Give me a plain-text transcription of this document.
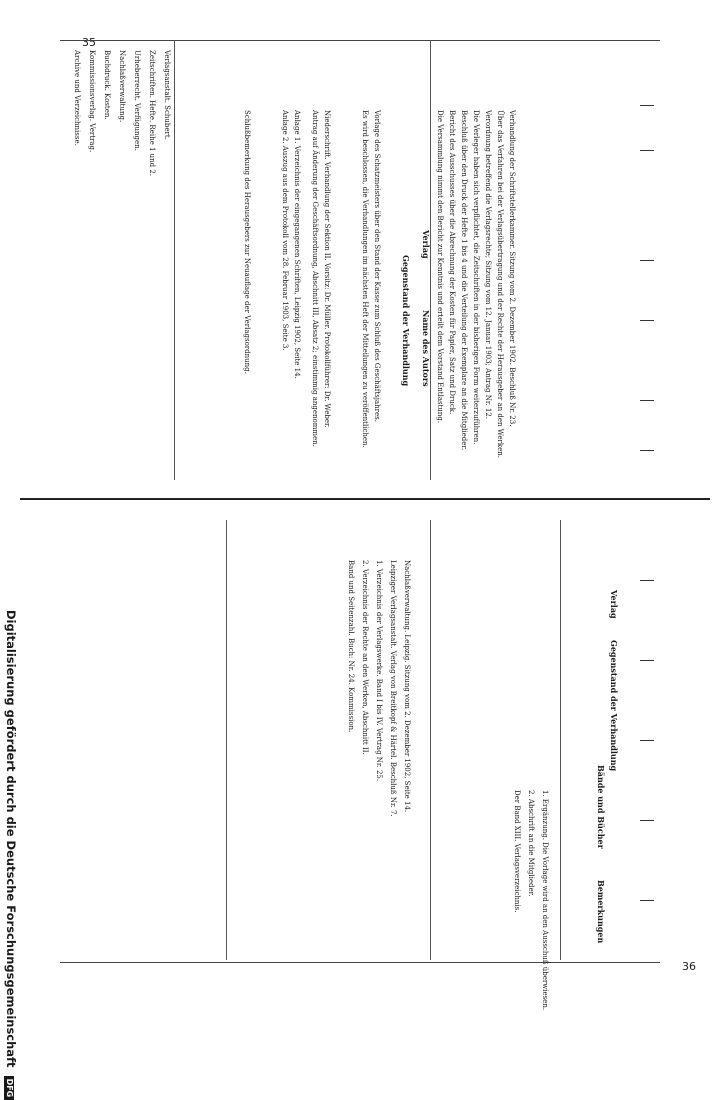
35
Verlag
Name des Autors
Gegenstand der Verhandlung
Verlagsanstalt. Schubert.
Zeitschriften. Hefte. Reihe 1 und 2.
Urheberrecht. Verfügungen.
Nachlaßverwaltung.
Buchdruck. Kosten.
Kommissionsverlag. Vertrag.
Archive und Verzeichnisse.
Verhandlung der Schriftstellerkammer. Sitzung vom 2. Dezember 1902. Beschluß Nr. 23.
Über das Verfahren bei der Verlagsübertragung und der Rechte der Herausgeber an den Werken.
Verordnung betreffend die Verlagsrechte; Sitzung vom 12. Januar 1903; Antrag Nr. 12.
Die Verleger haben sich verpflichtet, die Zeitschriften in der bisherigen Form weiterzuführen.
Beschluß über den Druck der Hefte 1 bis 4 und die Verteilung der Exemplare an die Mitglieder.
Bericht des Ausschusses über die Abrechnung der Kosten für Papier, Satz und Druck.
Die Versammlung nimmt den Bericht zur Kenntnis und erteilt dem Vorstand Entlastung.
Vorlage des Schatzmeisters über den Stand der Kasse zum Schluß des Geschäftsjahres.
Es wird beschlossen, die Verhandlungen im nächsten Heft der Mitteilungen zu veröffentlichen.
Niederschrift. Verhandlung der Sektion II. Vorsitz: Dr. Müller. Protokollführer: Dr. Weber.
Antrag auf Änderung der Geschäftsordnung, Abschnitt III, Absatz 2; einstimmig angenommen.
Anlage 1. Verzeichnis der eingegangenen Schriften, Leipzig 1902, Seite 14.
Anlage 2. Auszug aus dem Protokoll vom 28. Februar 1903, Seite 3.
Schlußbemerkung des Herausgebers zur Neuauflage der Verlagsordnung.
Verlag
Gegenstand der Verhandlung
Bände und Bücher
Bemerkungen
Nachlaßverwaltung. Leipzig. Sitzung vom 2. Dezember 1902, Seite 14.
Leipziger Verlagsanstalt. Verlag von Breitkopf & Härtel. Beschluß Nr. 7.
1. Verzeichnis der Verlagswerke. Band I bis IV. Vertrag Nr. 25.
2. Verzeichnis der Rechte an den Werken, Abschnitt II.
Band und Seitenzahl. Buch: Nr. 24. Kommission.
1. Ergänzung. Die Vorlage wird an den Ausschuß überwiesen.
2. Abschrift an die Mitglieder.
Der Band XIII. Verlagsverzeichnis.
36
Digitalisierung gefördert durch die Deutsche Forschungsgemeinschaft DFG
